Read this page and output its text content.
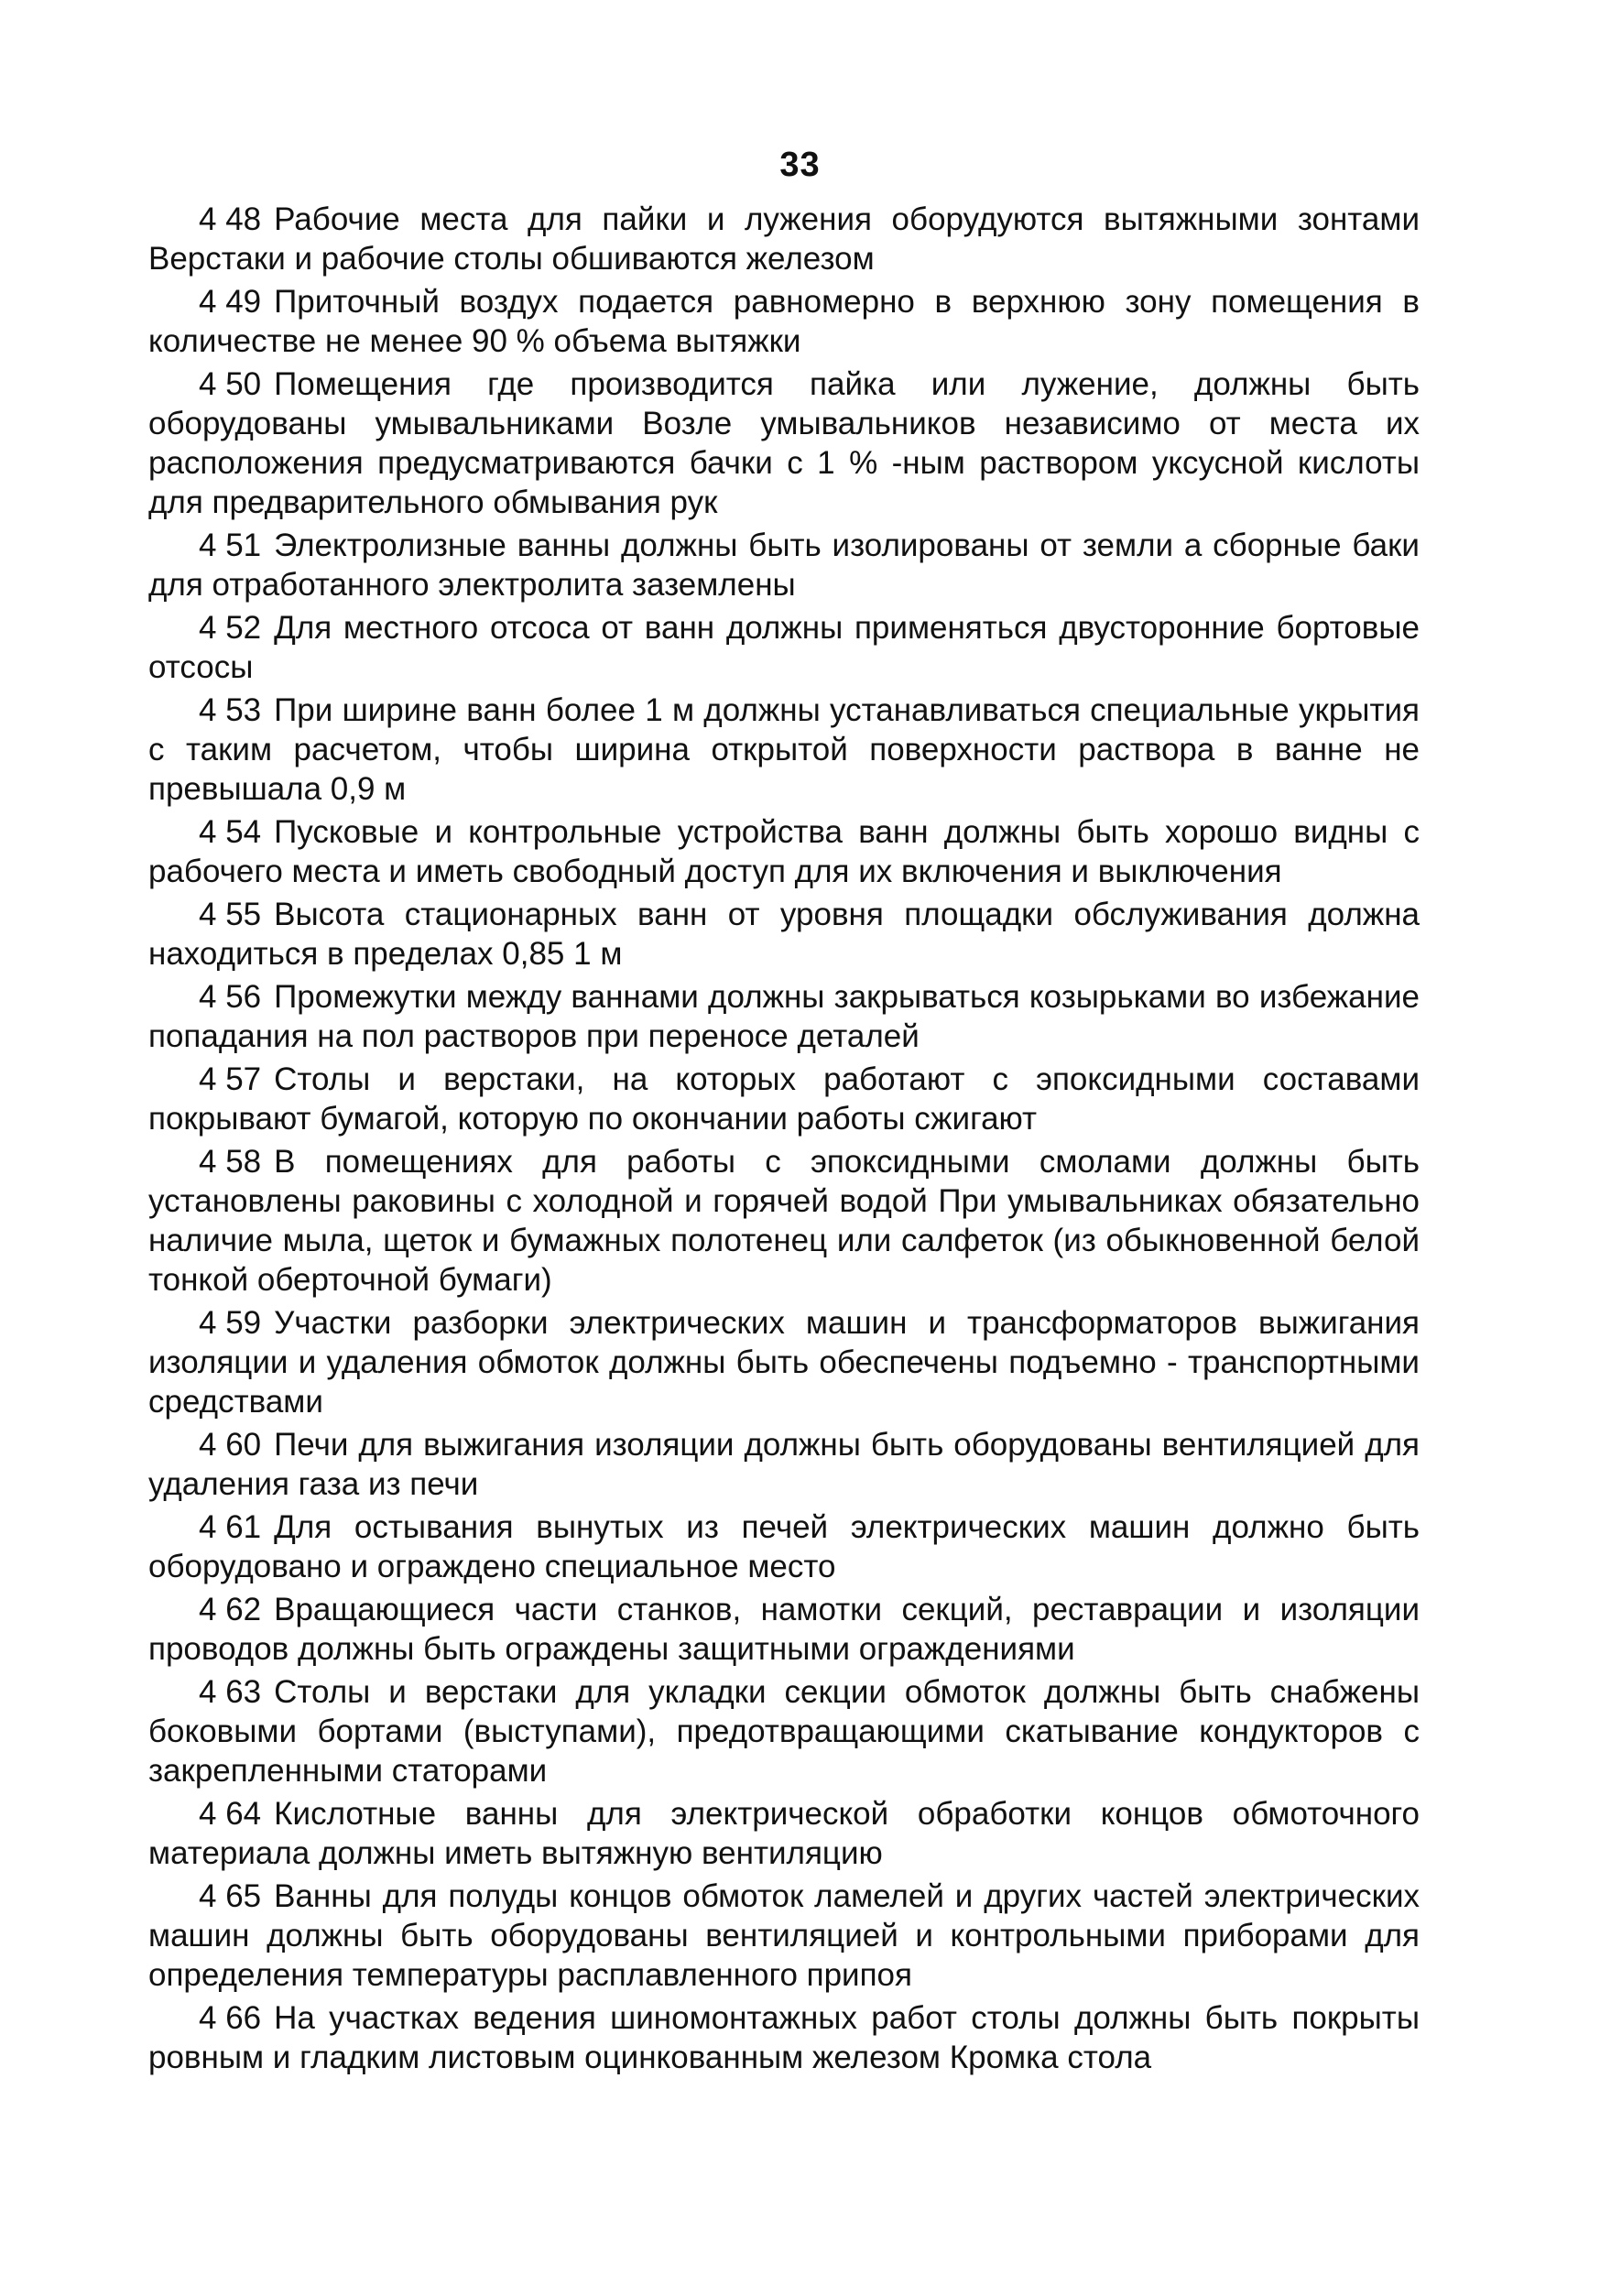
33

4 48 Рабочие места для пайки и лужения оборудуются вытяжными зонтами Верстаки и рабочие столы обшиваются железом

4 49 Приточный воздух подается равномерно в верхнюю зону помещения в количестве не менее 90 % объема вытяжки

4 50 Помещения где производится пайка или лужение, должны быть оборудованы умывальниками Возле умывальников независимо от места их расположения предусматриваются бачки с 1 % -ным раствором уксусной кислоты для предварительного обмывания рук

4 51 Электролизные ванны должны быть изолированы от земли а сборные баки для отработанного электролита заземлены

4 52 Для местного отсоса от ванн должны применяться двусторонние бортовые отсосы

4 53 При ширине ванн более 1 м должны устанавливаться специальные укрытия с таким расчетом, чтобы ширина открытой поверхности раствора в ванне не превышала 0,9 м

4 54 Пусковые и контрольные устройства ванн должны быть хорошо видны с рабочего места и иметь свободный доступ для их включения и выключения

4 55 Высота стационарных ванн от уровня площадки обслуживания должна находиться в пределах 0,85 1 м

4 56 Промежутки между ваннами должны закрываться козырьками во избежание попадания на пол растворов при переносе деталей

4 57 Столы и верстаки, на которых работают с эпоксидными составами покрывают бумагой, которую по окончании работы сжигают

4 58 В помещениях для работы с эпоксидными смолами должны быть установлены раковины с холодной и горячей водой При умывальниках обязательно наличие мыла, щеток и бумажных полотенец или салфеток (из обыкновенной белой тонкой оберточной бумаги)

4 59 Участки разборки электрических машин и трансформаторов выжигания изоляции и удаления обмоток должны быть обеспечены подъемно - транспортными средствами

4 60 Печи для выжигания изоляции должны быть оборудованы вентиляцией для удаления газа из печи

4 61 Для остывания вынутых из печей электрических машин должно быть оборудовано и ограждено специальное место

4 62 Вращающиеся части станков, намотки секций, реставрации и изоляции проводов должны быть ограждены защитными ограждениями

4 63 Столы и верстаки для укладки секции обмоток должны быть снабжены боковыми бортами (выступами), предотвращающими скатывание кондукторов с закрепленными статорами

4 64 Кислотные ванны для электрической обработки концов обмоточного материала должны иметь вытяжную вентиляцию

4 65 Ванны для полуды концов обмоток ламелей и других частей электрических машин должны быть оборудованы вентиляцией и контрольными приборами для определения температуры расплавленного припоя

4 66 На участках ведения шиномонтажных работ столы должны быть покрыты ровным и гладким листовым оцинкованным железом Кромка стола
